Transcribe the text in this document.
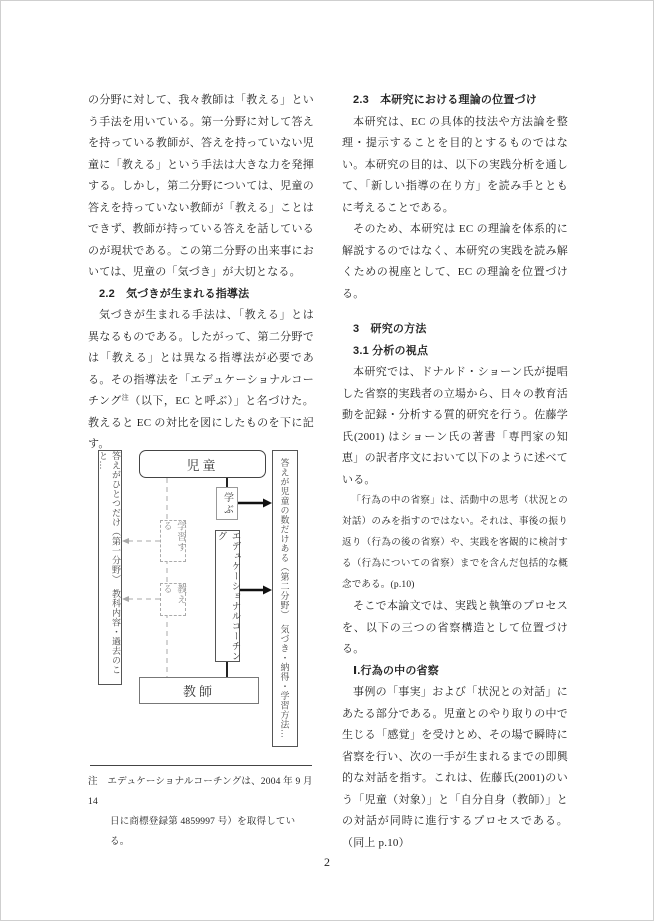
の分野に対して、我々教師は「教える」という手法を用いている。第一分野に対して答えを持っている教師が、答えを持っていない児童に「教える」という手法は大きな力を発揮する。しかし，第二分野については、児童の答えを持っていない教師が「教える」ことはできず、教師が持っている答えを話しているのが現状である。この第二分野の出来事においては、児童の「気づき」が大切となる。

2.2　気づきが生まれる指導法

気づきが生まれる手法は、「教える」とは異なるものである。したがって、第二分野では「教える」とは異なる指導法が必要である。その指導法を「エデュケーショナルコーチング$^注$（以下，EC と呼ぶ）」と名づけた。教えると EC の対比を図にしたものを下に記す。

答えがひとつだけ（第一分野）　教科内容・過去のこと…	児童
学ぶ
学習する
教える	エデュケーショナルコーチング
教師	答えが児童の数だけある（第二分野）　気づき・納得・学習方法…
注　エデュケーショナルコーチングは、2004 年 9 月 14
日に商標登録第 4859997 号）を取得している。

2.3　本研究における理論の位置づけ

本研究は、EC の具体的技法や方法論を整理・提示することを目的とするものではない。本研究の目的は、以下の実践分析を通して、「新しい指導の在り方」を読み手とともに考えることである。

そのため、本研究は EC の理論を体系的に解説するのではなく、本研究の実践を読み解くための視座として、EC の理論を位置づける。

3　研究の方法

3.1 分析の視点

本研究では、ドナルド・ショーン氏が提唱した省察的実践者の立場から、日々の教育活動を記録・分析する質的研究を行う。佐藤学氏(2001) はショーン氏の著書「専門家の知恵」の訳者序文において以下のように述べている。

「行為の中の省察」は、活動中の思考（状況との対話）のみを指すのではない。それは、事後の振り返り（行為の後の省察）や、実践を客観的に検討する（行為についての省察）までを含んだ包括的な概念である。(p.10)

そこで本論文では、実践と執筆のプロセスを、以下の三つの省察構造として位置づける。

Ⅰ.行為の中の省察

事例の「事実」および「状況との対話」にあたる部分である。児童とのやり取りの中で生じる「感覚」を受けとめ、その場で瞬時に省察を行い、次の一手が生まれるまでの即興的な対話を指す。これは、佐藤氏(2001)のいう「児童（対象）」と「自分自身（教師）」との対話が同時に進行するプロセスである。（同上 p.10）

2
